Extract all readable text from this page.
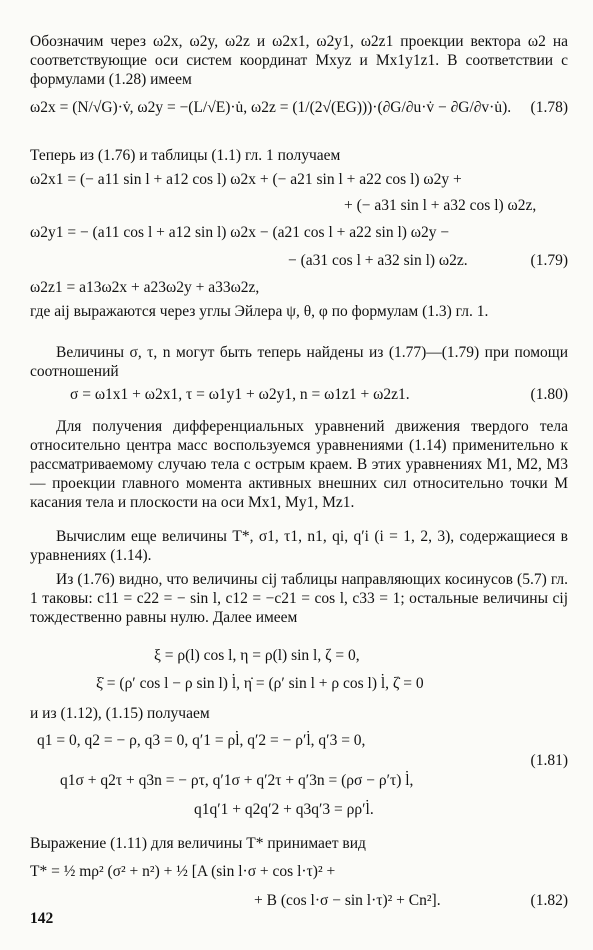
Обозначим через ω2x, ω2y, ω2z и ω2x1, ω2y1, ω2z1 проекции вектора ω2 на соответствующие оси систем координат Mxyz и Mx1y1z1. В соответствии с формулами (1.28) имеем

ω2x = (N/√G)·v̇, ω2y = −(L/√E)·u̇, ω2z = (1/(2√(EG)))·(∂G/∂u·v̇ − ∂G/∂v·u̇). (1.78)

Теперь из (1.76) и таблицы (1.1) гл. 1 получаем

ω2x1 = (− a11 sin l + a12 cos l) ω2x + (− a21 sin l + a22 cos l) ω2y +
+ (− a31 sin l + a32 cos l) ω2z,
ω2y1 = − (a11 cos l + a12 sin l) ω2x − (a21 cos l + a22 sin l) ω2y −
− (a31 cos l + a32 sin l) ω2z.	(1.79)
ω2z1 = a13ω2x + a23ω2y + a33ω2z,

где aij выражаются через углы Эйлера ψ, θ, φ по формулам (1.3) гл. 1.

Величины σ, τ, n могут быть теперь найдены из (1.77)—(1.79) при помощи соотношений

σ = ω1x1 + ω2x1, τ = ω1y1 + ω2y1, n = ω1z1 + ω2z1.	(1.80)

Для получения дифференциальных уравнений движения твердого тела относительно центра масс воспользуемся уравнениями (1.14) применительно к рассматриваемому случаю тела с острым краем. В этих уравнениях M1, M2, M3 — проекции главного момента активных внешних сил относительно точки M касания тела и плоскости на оси Mx1, My1, Mz1.

Вычислим еще величины T*, σ1, τ1, n1, qi, q′i (i = 1, 2, 3), содержащиеся в уравнениях (1.14).

Из (1.76) видно, что величины cij таблицы направляющих косинусов (5.7) гл. 1 таковы: c11 = c22 = − sin l, c12 = −c21 = cos l, c33 = 1; остальные величины cij тождественно равны нулю. Далее имеем

ξ = ρ(l) cos l, η = ρ(l) sin l, ζ = 0,
ξ̇ = (ρ′ cos l − ρ sin l) l̇, η̇ = (ρ′ sin l + ρ cos l) l̇, ζ̇ = 0

и из (1.12), (1.15) получаем

q1 = 0, q2 = − ρ, q3 = 0, q′1 = ρl̇, q′2 = − ρ′l̇, q′3 = 0,
(1.81)
q1σ + q2τ + q3n = − ρτ, q′1σ + q′2τ + q′3n = (ρσ − ρ′τ) l̇,
q1q′1 + q2q′2 + q3q′3 = ρρ′l̇.

Выражение (1.11) для величины T* принимает вид

T* = ½ mρ² (σ² + n²) + ½ [A (sin l·σ + cos l·τ)² +
+ B (cos l·σ − sin l·τ)² + Cn²].	(1.82)
142
